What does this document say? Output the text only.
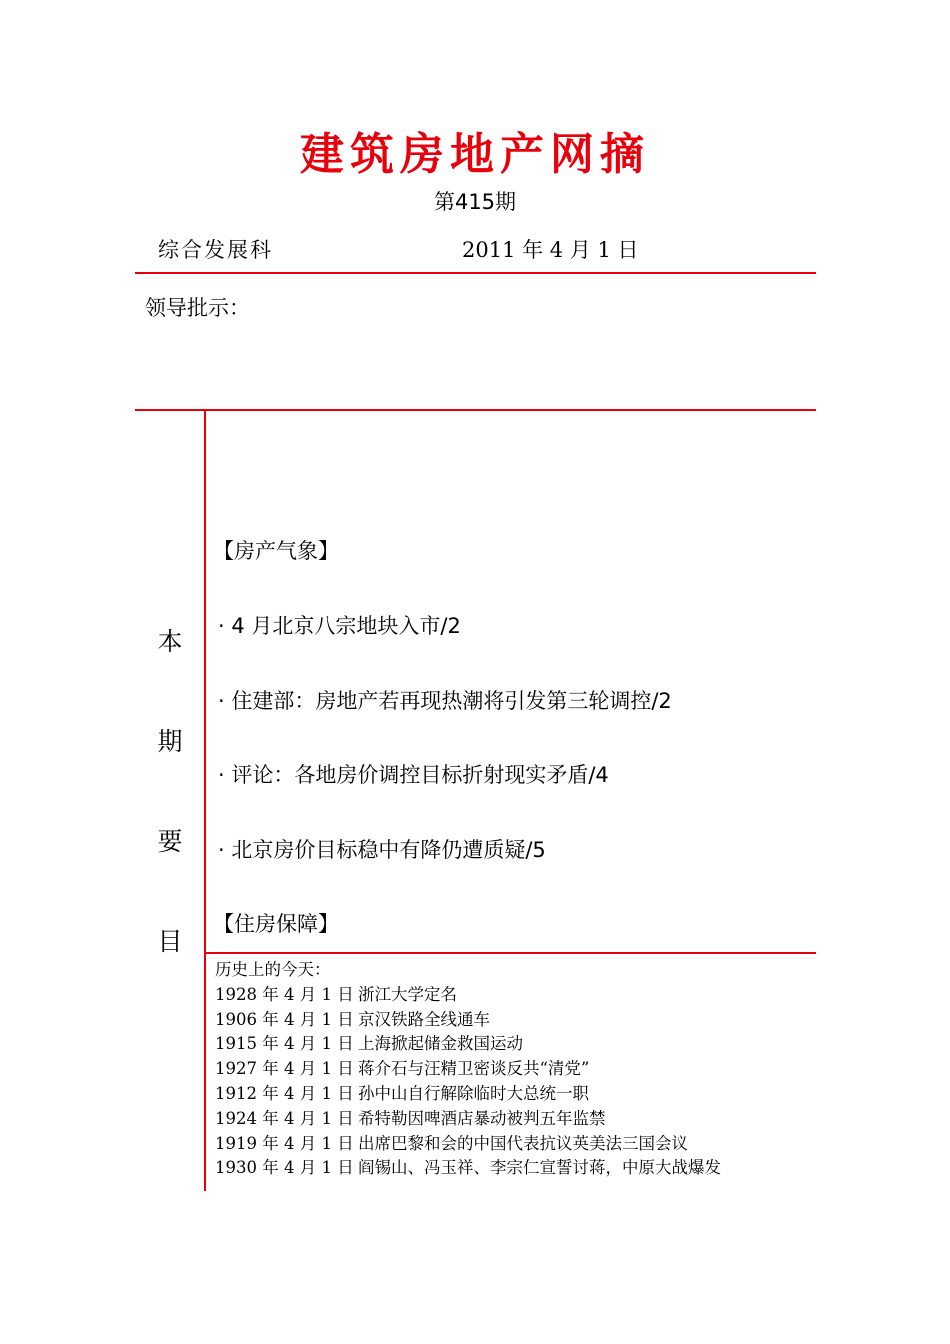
建筑房地产网摘
第415期
综合发展科	2011 年 4 月 1 日
领导批示：
本
期
要
目
【房产气象】
· 4 月北京八宗地块入市/2
· 住建部：房地产若再现热潮将引发第三轮调控/2
· 评论：各地房价调控目标折射现实矛盾/4
· 北京房价目标稳中有降仍遭质疑/5
【住房保障】
历史上的今天：
1928 年 4 月 1 日 浙江大学定名
1906 年 4 月 1 日 京汉铁路全线通车
1915 年 4 月 1 日 上海掀起储金救国运动
1927 年 4 月 1 日 蒋介石与汪精卫密谈反共“清党”
1912 年 4 月 1 日 孙中山自行解除临时大总统一职
1924 年 4 月 1 日 希特勒因啤酒店暴动被判五年监禁
1919 年 4 月 1 日 出席巴黎和会的中国代表抗议英美法三国会议
1930 年 4 月 1 日 阎锡山、冯玉祥、李宗仁宣誓讨蒋，中原大战爆发
